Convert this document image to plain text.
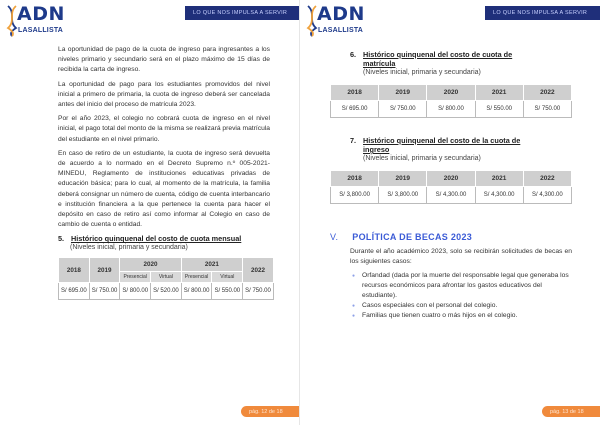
ADN
LASALLISTA
LO QUE NOS IMPULSA A SERVIR

La oportunidad de pago de la cuota de ingreso para ingresantes a los niveles primario y secundario será en el plazo máximo de 15 días de recibida la carta de ingreso.

La oportunidad de pago para los estudiantes promovidos del nivel inicial a primero de primaria, la cuota de ingreso deberá ser cancelada antes del inicio del proceso de matrícula 2023.

Por el año 2023, el colegio no cobrará cuota de ingreso en el nivel inicial, el pago total del monto de la misma se realizará previa matrícula del estudiante en el nivel primario.

En caso de retiro de un estudiante, la cuota de ingreso será devuelta de acuerdo a lo normado en el Decreto Supremo n.º 005-2021-MINEDU, Reglamento de instituciones educativas privadas de educación básica; para lo cual, al momento de la matrícula, la familia deberá consignar un número de cuenta, código de cuenta interbancario e institución financiera a la que pertenece la cuenta para hacer el depósito en caso de retiro así como informar al Colegio en caso de cambio de cuenta o entidad.

5. Histórico quinquenal del costo de cuota mensual
(Niveles inicial, primaria y secundaria)
2018	2019	2020		2021		2022
		Presencial	Virtual	Presencial	Virtual	
S/ 695.00	S/ 750.00	S/ 800.00	S/ 520.00	S/ 800.00	S/ 550.00	S/ 750.00
pág. 12 de 18
ADN
LASALLISTA
LO QUE NOS IMPULSA A SERVIR
6. Histórico quinquenal del costo de cuota de matrícula
(Niveles inicial, primaria y secundaria)
2018	2019	2020	2021	2022
S/ 695.00	S/ 750.00	S/ 800.00	S/ 550.00	S/ 750.00
7. Histórico quinquenal del costo de la cuota de ingreso
(Niveles inicial, primaria y secundaria)
2018	2019	2020	2021	2022
S/ 3,800.00	S/ 3,800.00	S/ 4,300.00	S/ 4,300.00	S/ 4,300.00
V. POLÍTICA DE BECAS 2023

Durante el año académico 2023, solo se recibirán solicitudes de becas en los siguientes casos:

● Orfandad (dada por la muerte del responsable legal que generaba los recursos económicos para afrontar los gastos educativos del estudiante).
● Casos especiales con el personal del colegio.
● Familias que tienen cuatro o más hijos en el colegio.
pág. 13 de 18
